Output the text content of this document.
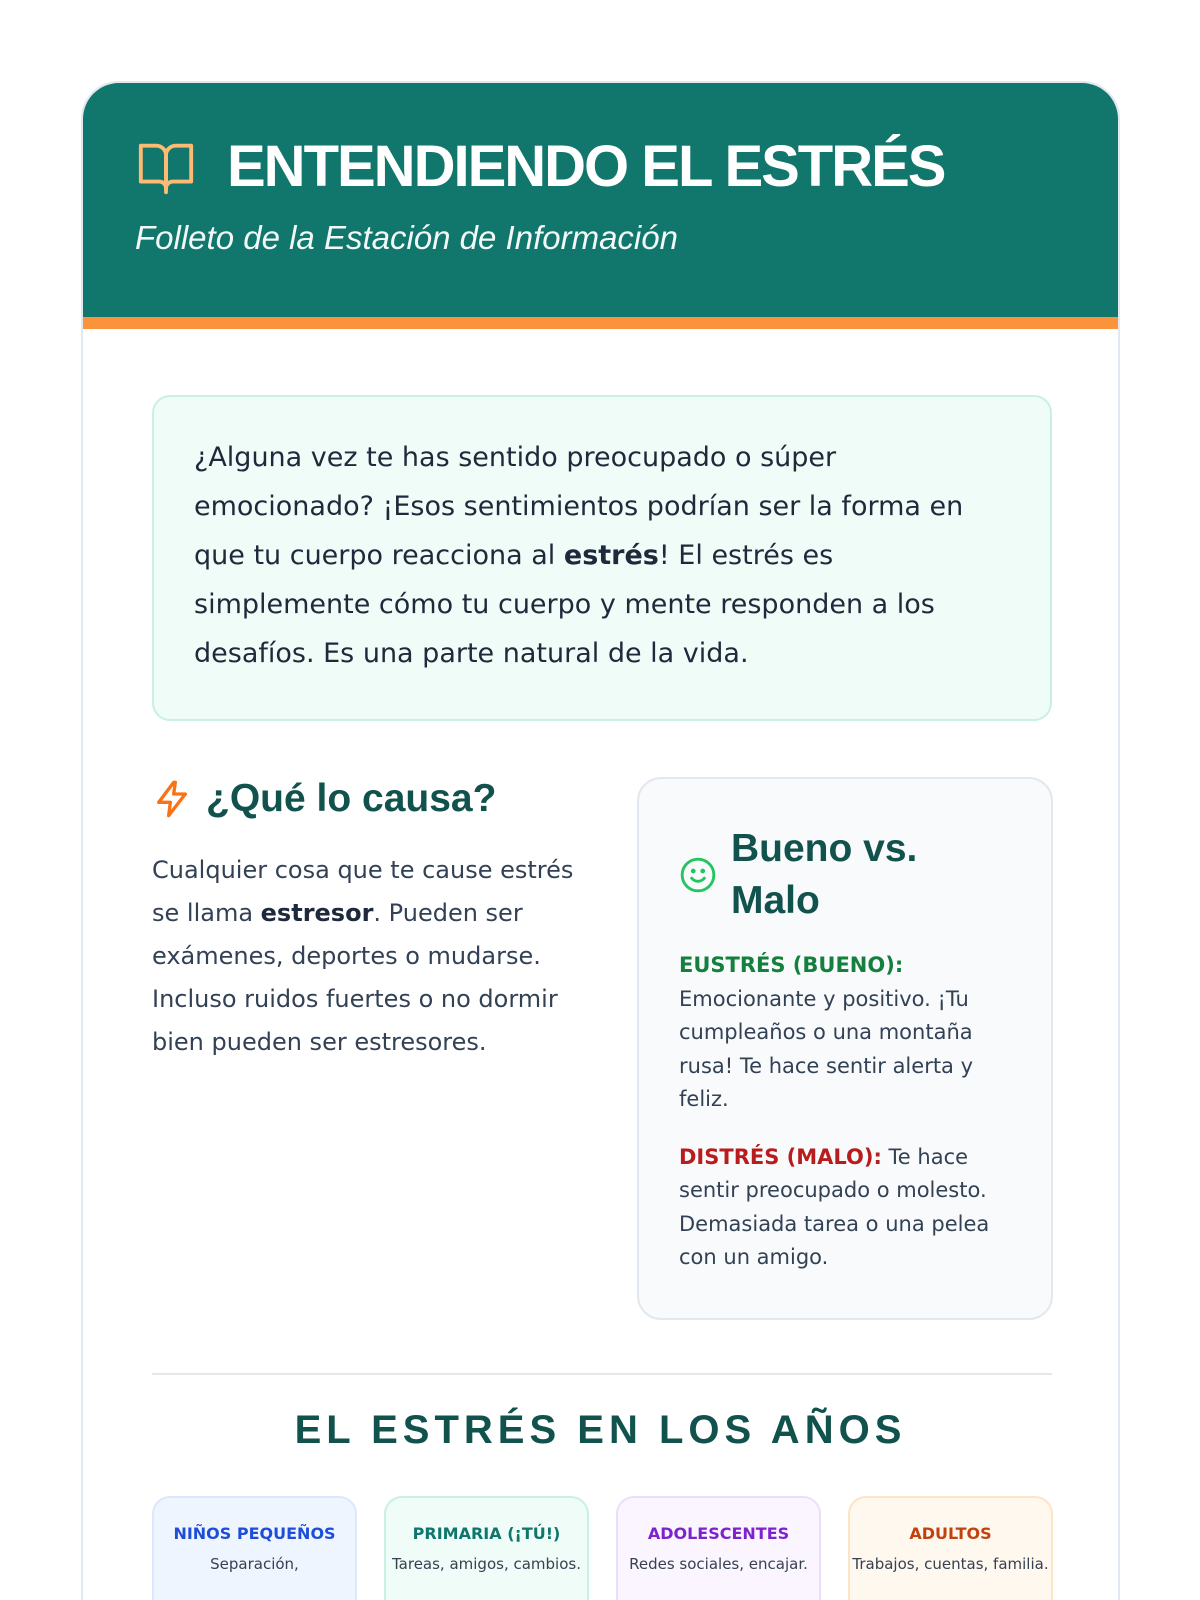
ENTENDIENDO EL ESTRÉS
Folleto de la Estación de Información
¿Alguna vez te has sentido preocupado o súper emocionado? ¡Esos sentimientos podrían ser la forma en que tu cuerpo reacciona al estrés! El estrés es simplemente cómo tu cuerpo y mente responden a los desafíos. Es una parte natural de la vida.
¿Qué lo causa?

Cualquier cosa que te cause estrés se llama estresor. Pueden ser exámenes, deportes o mudarse. Incluso ruidos fuertes o no dormir bien pueden ser estresores.

Bueno vs. Malo

EUSTRÉS (BUENO):
Emocionante y positivo. ¡Tu cumpleaños o una montaña rusa! Te hace sentir alerta y feliz.

DISTRÉS (MALO): Te hace sentir preocupado o molesto. Demasiada tarea o una pelea con un amigo.

EL ESTRÉS EN LOS AÑOS
NIÑOS PEQUEÑOS
Separación,
PRIMARIA (¡TÚ!)
Tareas, amigos, cambios.
ADOLESCENTES
Redes sociales, encajar.
ADULTOS
Trabajos, cuentas, familia.
